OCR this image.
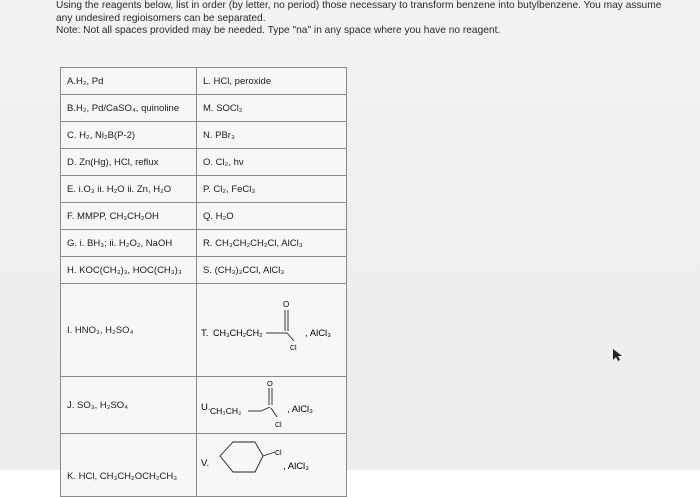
Using the reagents below, list in order (by letter, no period) those necessary to transform benzene into butylbenzene. You may assume

any undesired regioisomers can be separated.

Note: Not all spaces provided may be needed. Type "na" in any space where you have no reagent.

A.H₂, Pd	L. HCl, peroxide
B.H₂, Pd/CaSO₄, quinoline	M. SOCl₂
C. H₂, Ni₂B(P-2)	N. PBr₃
D. Zn(Hg), HCl, reflux	O. Cl₂, hν
E. i.O₃ ii. H₂O ii. Zn, H₂O	P. Cl₂, FeCl₃
F. MMPP, CH₃CH₂OH	Q. H₂O
G. i. BH₃; ii. H₂O₂, NaOH	R. CH₃CH₂CH₂Cl, AlCl₃
H. KOC(CH₃)₃, HOC(CH₃)₃	S. (CH₃)₃CCl, AlCl₃
I. HNO₃, H₂SO₄	T. CH₃CH₂CH₂
O
Cl
, AlCl₃

J. SO₃, H₂SO₄	U. CH₃CH₂
O
Cl
, AlCl₃

K. HCl, CH₃CH₂OCH₂CH₃	V.
Cl
, AlCl₃
